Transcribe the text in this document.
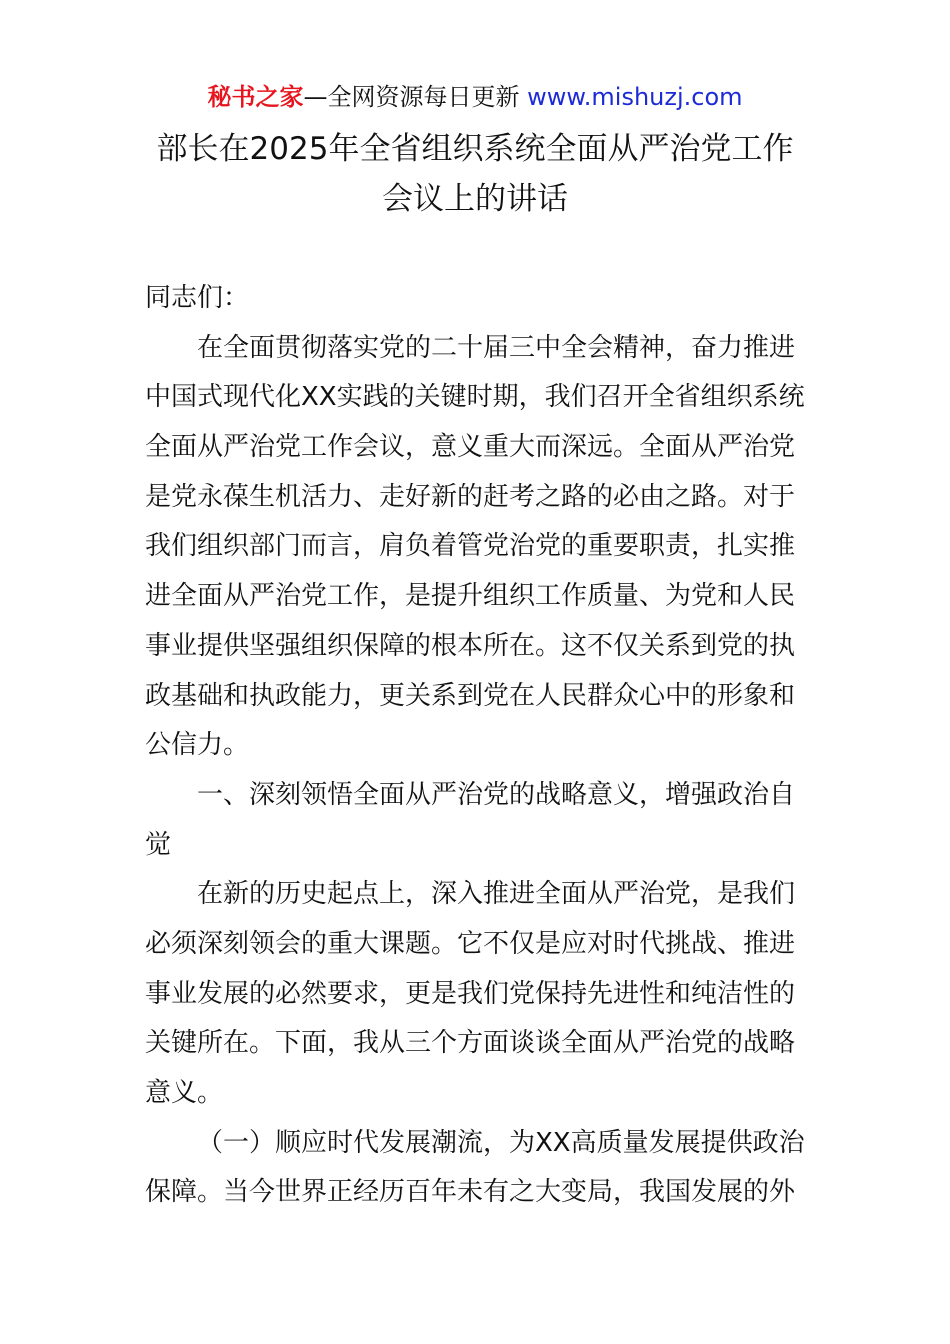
秘书之家—全网资源每日更新 www.mishuzj.com
部长在2025年全省组织系统全面从严治党工作
会议上的讲话
同志们：
在全面贯彻落实党的二十届三中全会精神，奋力推进
中国式现代化XX实践的关键时期，我们召开全省组织系统
全面从严治党工作会议，意义重大而深远。全面从严治党
是党永葆生机活力、走好新的赶考之路的必由之路。对于
我们组织部门而言，肩负着管党治党的重要职责，扎实推
进全面从严治党工作，是提升组织工作质量、为党和人民
事业提供坚强组织保障的根本所在。这不仅关系到党的执
政基础和执政能力，更关系到党在人民群众心中的形象和
公信力。
一、深刻领悟全面从严治党的战略意义，增强政治自
觉
在新的历史起点上，深入推进全面从严治党，是我们
必须深刻领会的重大课题。它不仅是应对时代挑战、推进
事业发展的必然要求，更是我们党保持先进性和纯洁性的
关键所在。下面，我从三个方面谈谈全面从严治党的战略
意义。
（一）顺应时代发展潮流，为XX高质量发展提供政治
保障。当今世界正经历百年未有之大变局，我国发展的外
